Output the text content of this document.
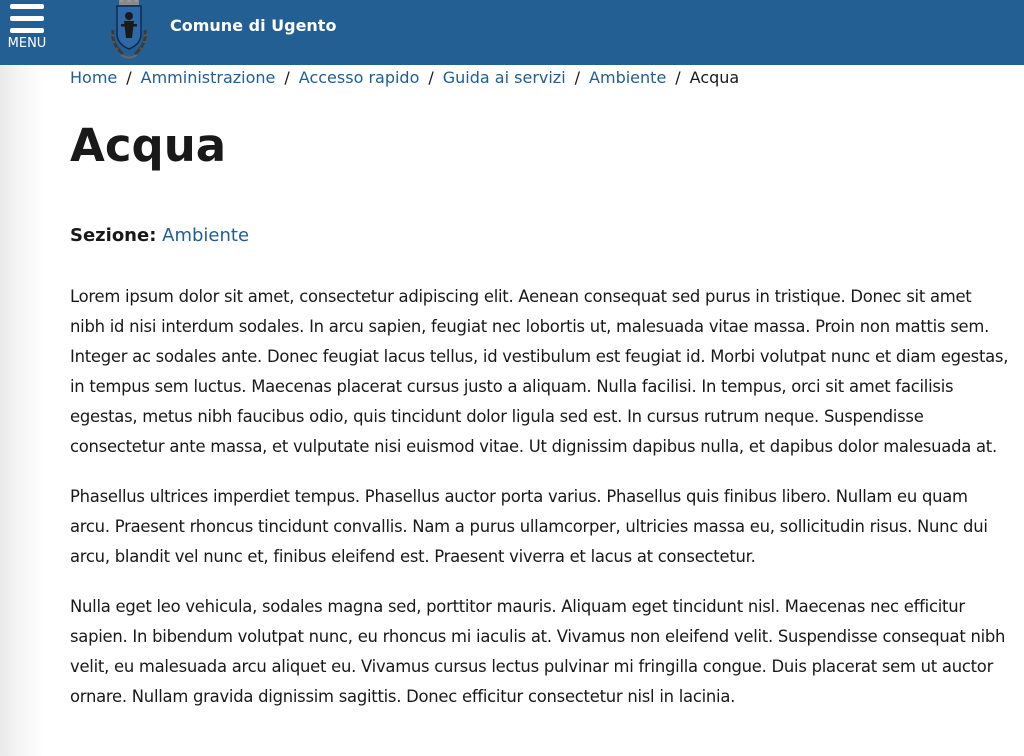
MENU
Comune di Ugento
Home / Amministrazione / Accesso rapido / Guida ai servizi / Ambiente / Acqua
Acqua
Sezione: Ambiente

Lorem ipsum dolor sit amet, consectetur adipiscing elit. Aenean consequat sed purus in tristique. Donec sit amet nibh id nisi interdum sodales. In arcu sapien, feugiat nec lobortis ut, malesuada vitae massa. Proin non mattis sem. Integer ac sodales ante. Donec feugiat lacus tellus, id vestibulum est feugiat id. Morbi volutpat nunc et diam egestas, in tempus sem luctus. Maecenas placerat cursus justo a aliquam. Nulla facilisi. In tempus, orci sit amet facilisis egestas, metus nibh faucibus odio, quis tincidunt dolor ligula sed est. In cursus rutrum neque. Suspendisse consectetur ante massa, et vulputate nisi euismod vitae. Ut dignissim dapibus nulla, et dapibus dolor malesuada at.

Phasellus ultrices imperdiet tempus. Phasellus auctor porta varius. Phasellus quis finibus libero. Nullam eu quam arcu. Praesent rhoncus tincidunt convallis. Nam a purus ullamcorper, ultricies massa eu, sollicitudin risus. Nunc dui arcu, blandit vel nunc et, finibus eleifend est. Praesent viverra et lacus at consectetur.

Nulla eget leo vehicula, sodales magna sed, porttitor mauris. Aliquam eget tincidunt nisl. Maecenas nec efficitur sapien. In bibendum volutpat nunc, eu rhoncus mi iaculis at. Vivamus non eleifend velit. Suspendisse consequat nibh velit, eu malesuada arcu aliquet eu. Vivamus cursus lectus pulvinar mi fringilla congue. Duis placerat sem ut auctor ornare. Nullam gravida dignissim sagittis. Donec efficitur consectetur nisl in lacinia.
